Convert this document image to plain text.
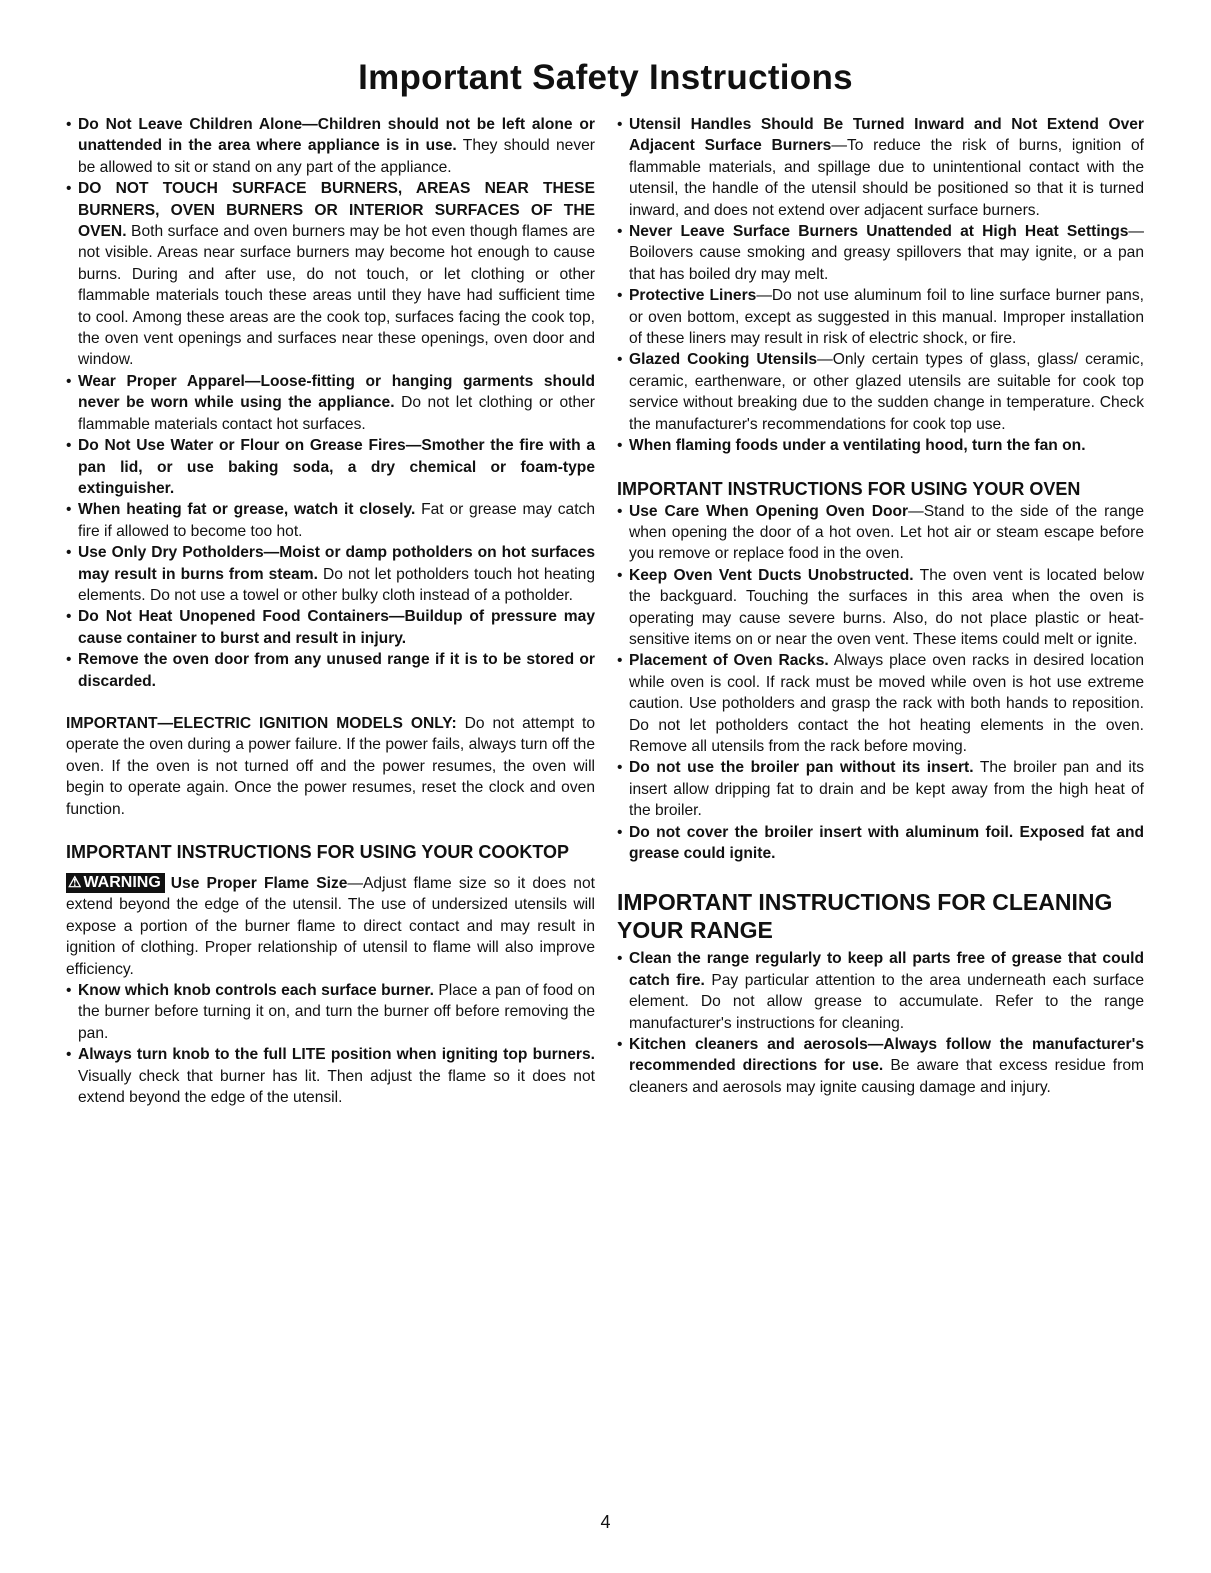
Important Safety Instructions
• Do Not Leave Children Alone—Children should not be left alone or unattended in the area where appliance is in use. They should never be allowed to sit or stand on any part of the appliance.
• DO NOT TOUCH SURFACE BURNERS, AREAS NEAR THESE BURNERS, OVEN BURNERS OR INTERIOR SURFACES OF THE OVEN. Both surface and oven burners may be hot even though flames are not visible. Areas near surface burners may become hot enough to cause burns. During and after use, do not touch, or let clothing or other flammable materials touch these areas until they have had sufficient time to cool. Among these areas are the cook top, surfaces facing the cook top, the oven vent openings and surfaces near these openings, oven door and window.
• Wear Proper Apparel—Loose-fitting or hanging garments should never be worn while using the appliance. Do not let clothing or other flammable materials contact hot surfaces.
• Do Not Use Water or Flour on Grease Fires—Smother the fire with a pan lid, or use baking soda, a dry chemical or foam-type extinguisher.
• When heating fat or grease, watch it closely. Fat or grease may catch fire if allowed to become too hot.
• Use Only Dry Potholders—Moist or damp potholders on hot surfaces may result in burns from steam. Do not let potholders touch hot heating elements. Do not use a towel or other bulky cloth instead of a potholder.
• Do Not Heat Unopened Food Containers—Buildup of pressure may cause container to burst and result in injury.
• Remove the oven door from any unused range if it is to be stored or discarded.

IMPORTANT—ELECTRIC IGNITION MODELS ONLY: Do not attempt to operate the oven during a power failure. If the power fails, always turn off the oven. If the oven is not turned off and the power resumes, the oven will begin to operate again. Once the power resumes, reset the clock and oven function.

IMPORTANT INSTRUCTIONS FOR USING YOUR COOKTOP

⚠ WARNING Use Proper Flame Size—Adjust flame size so it does not extend beyond the edge of the utensil. The use of undersized utensils will expose a portion of the burner flame to direct contact and may result in ignition of clothing. Proper relationship of utensil to flame will also improve efficiency.

• Know which knob controls each surface burner. Place a pan of food on the burner before turning it on, and turn the burner off before removing the pan.
• Always turn knob to the full LITE position when igniting top burners. Visually check that burner has lit. Then adjust the flame so it does not extend beyond the edge of the utensil.
• Utensil Handles Should Be Turned Inward and Not Extend Over Adjacent Surface Burners—To reduce the risk of burns, ignition of flammable materials, and spillage due to unintentional contact with the utensil, the handle of the utensil should be positioned so that it is turned inward, and does not extend over adjacent surface burners.
• Never Leave Surface Burners Unattended at High Heat Settings—Boilovers cause smoking and greasy spillovers that may ignite, or a pan that has boiled dry may melt.
• Protective Liners—Do not use aluminum foil to line surface burner pans, or oven bottom, except as suggested in this manual. Improper installation of these liners may result in risk of electric shock, or fire.
• Glazed Cooking Utensils—Only certain types of glass, glass/ ceramic, ceramic, earthenware, or other glazed utensils are suitable for cook top service without breaking due to the sudden change in temperature. Check the manufacturer's recommendations for cook top use.
• When flaming foods under a ventilating hood, turn the fan on.
IMPORTANT INSTRUCTIONS FOR USING YOUR OVEN
• Use Care When Opening Oven Door—Stand to the side of the range when opening the door of a hot oven. Let hot air or steam escape before you remove or replace food in the oven.
• Keep Oven Vent Ducts Unobstructed. The oven vent is located below the backguard. Touching the surfaces in this area when the oven is operating may cause severe burns. Also, do not place plastic or heat-sensitive items on or near the oven vent. These items could melt or ignite.
• Placement of Oven Racks. Always place oven racks in desired location while oven is cool. If rack must be moved while oven is hot use extreme caution. Use potholders and grasp the rack with both hands to reposition. Do not let potholders contact the hot heating elements in the oven. Remove all utensils from the rack before moving.
• Do not use the broiler pan without its insert. The broiler pan and its insert allow dripping fat to drain and be kept away from the high heat of the broiler.
• Do not cover the broiler insert with aluminum foil. Exposed fat and grease could ignite.
IMPORTANT INSTRUCTIONS FOR CLEANING YOUR RANGE
• Clean the range regularly to keep all parts free of grease that could catch fire. Pay particular attention to the area underneath each surface element. Do not allow grease to accumulate. Refer to the range manufacturer's instructions for cleaning.
• Kitchen cleaners and aerosols—Always follow the manufacturer's recommended directions for use. Be aware that excess residue from cleaners and aerosols may ignite causing damage and injury.
4
